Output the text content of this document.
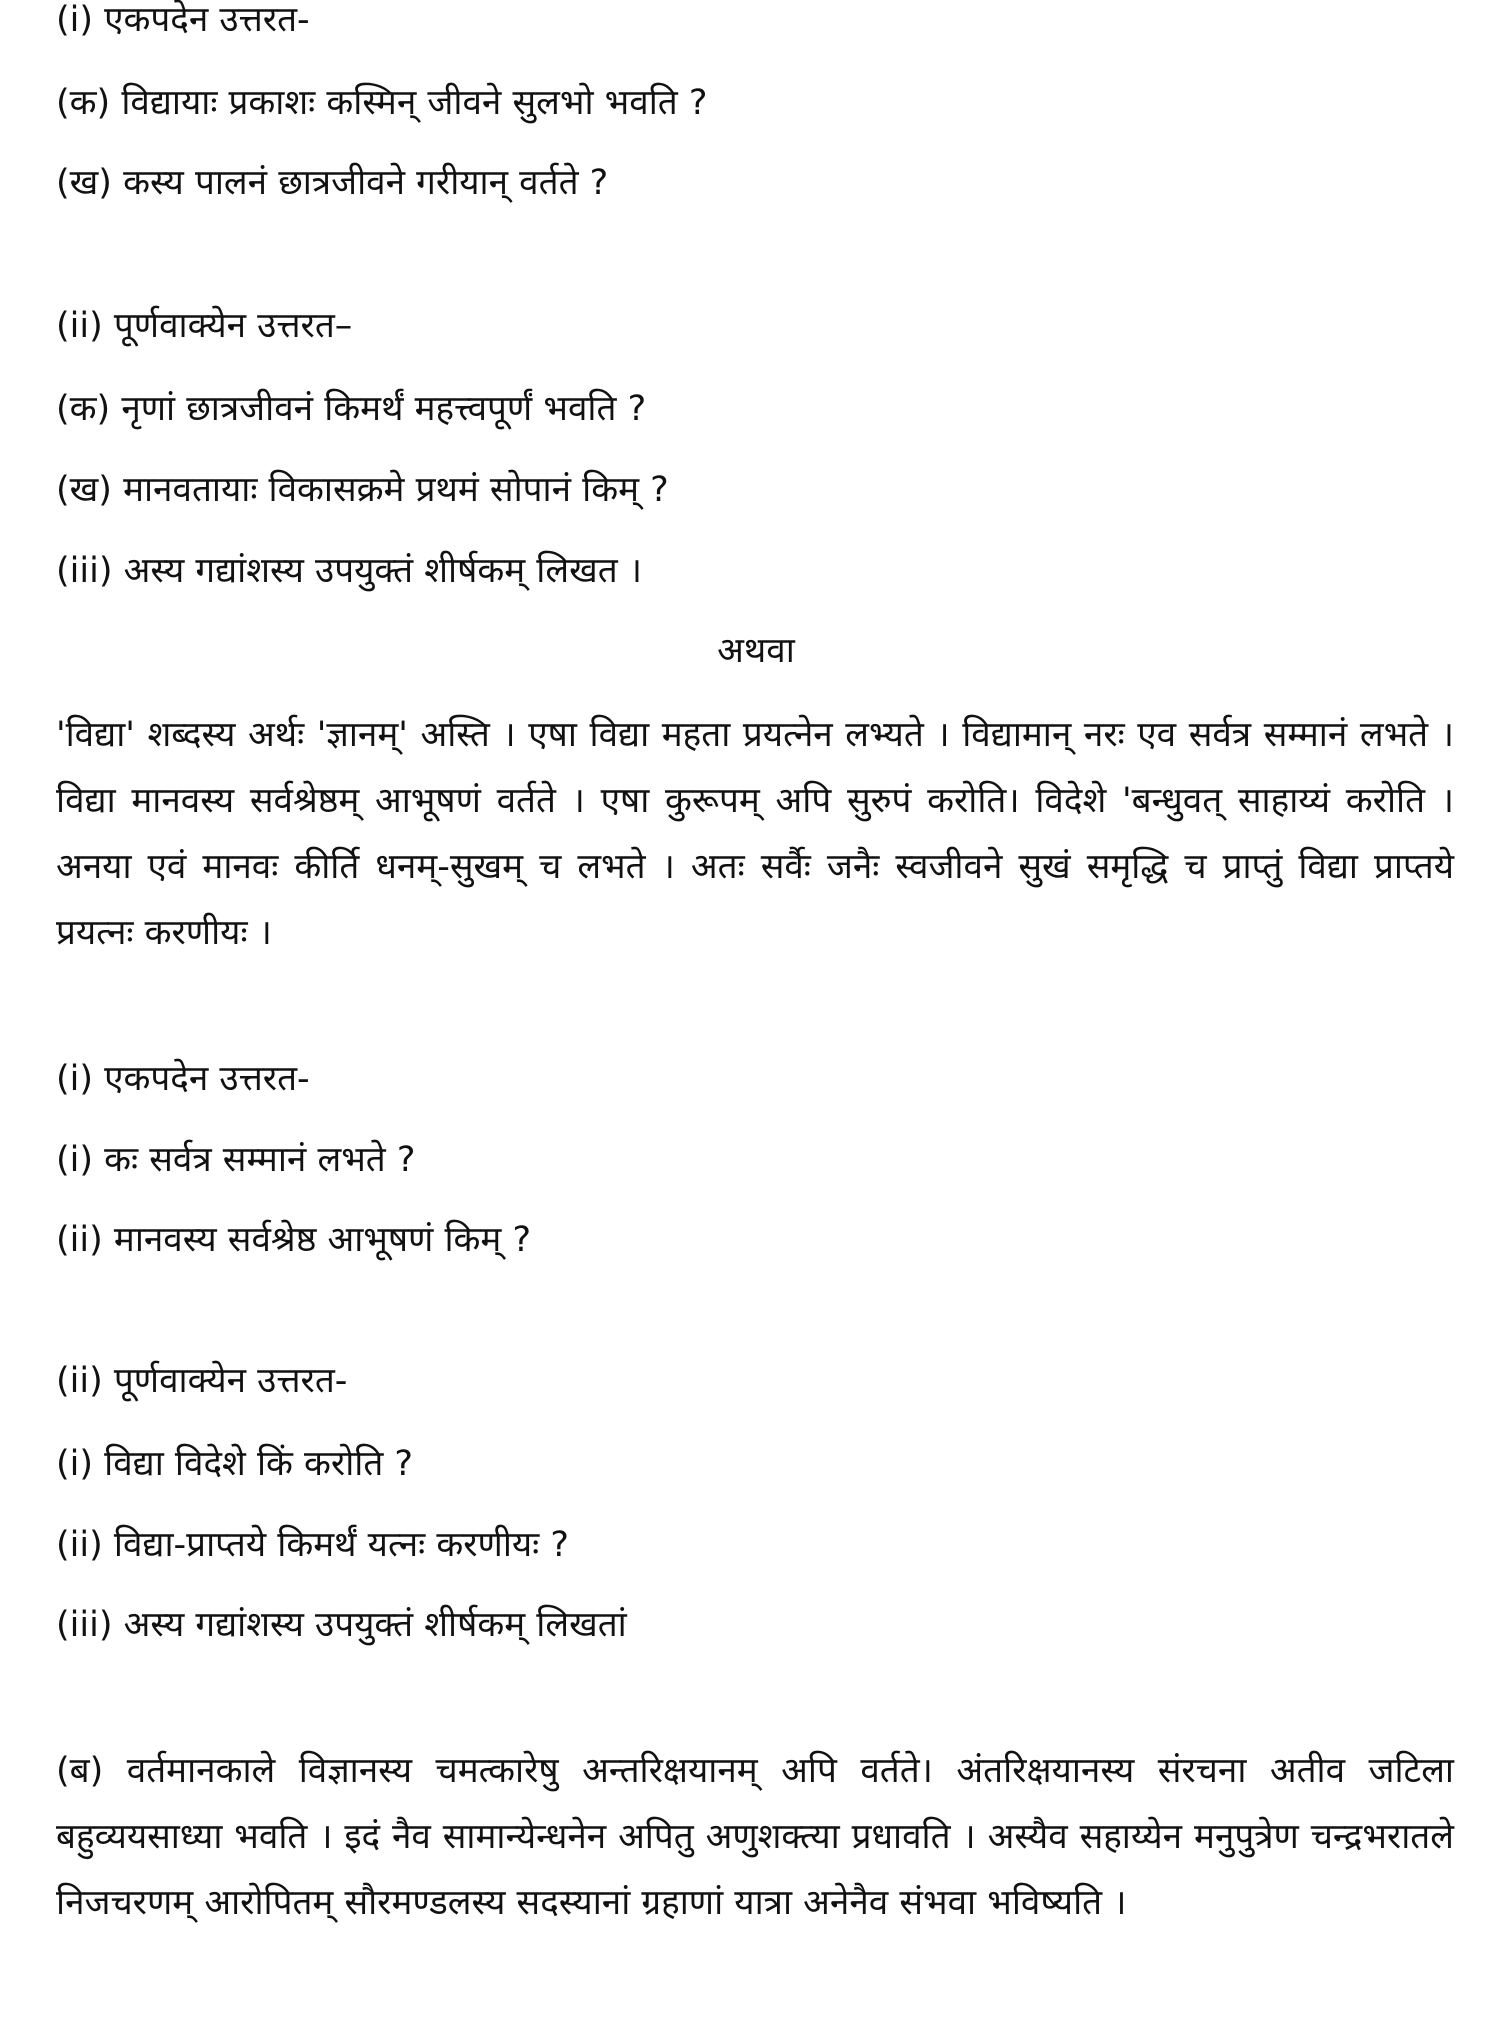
(i) एकपदेन उत्तरत-
(क) विद्यायाः प्रकाशः कस्मिन् जीवने सुलभो भवति ?
(ख) कस्य पालनं छात्रजीवने गरीयान् वर्तते ?
(ii) पूर्णवाक्येन उत्तरत–
(क) नृणां छात्रजीवनं किमर्थं महत्त्वपूर्णं भवति ?
(ख) मानवतायाः विकासक्रमे प्रथमं सोपानं किम् ?
(iii) अस्य गद्यांशस्य उपयुक्तं शीर्षकम् लिखत ।
अथवा
'विद्या' शब्दस्य अर्थः 'ज्ञानम्' अस्ति । एषा विद्या महता प्रयत्नेन लभ्यते । विद्यामान् नरः एव सर्वत्र सम्मानं लभते । विद्या मानवस्य सर्वश्रेष्ठम् आभूषणं वर्तते । एषा कुरूपम् अपि सुरुपं करोति। विदेशे 'बन्धुवत् साहाय्यं करोति । अनया एवं मानवः कीर्ति धनम्-सुखम् च लभते । अतः सर्वैः जनैः स्वजीवने सुखं समृद्धि च प्राप्तुं विद्या प्राप्तये प्रयत्नः करणीयः ।
(i) एकपदेन उत्तरत-
(i) कः सर्वत्र सम्मानं लभते ?
(ii) मानवस्य सर्वश्रेष्ठ आभूषणं किम् ?
(ii) पूर्णवाक्येन उत्तरत-
(i) विद्या विदेशे किं करोति ?
(ii) विद्या-प्राप्तये किमर्थं यत्नः करणीयः ?
(iii) अस्य गद्यांशस्य उपयुक्तं शीर्षकम् लिखतां
(ब) वर्तमानकाले विज्ञानस्य चमत्कारेषु अन्तरिक्षयानम् अपि वर्तते। अंतरिक्षयानस्य संरचना अतीव जटिला बहुव्ययसाध्या भवति । इदं नैव सामान्येन्धनेन अपितु अणुशक्त्या प्रधावति । अस्यैव सहाय्येन मनुपुत्रेण चन्द्रभरातले निजचरणम् आरोपितम् सौरमण्डलस्य सदस्यानां ग्रहाणां यात्रा अनेनैव संभवा भविष्यति ।
